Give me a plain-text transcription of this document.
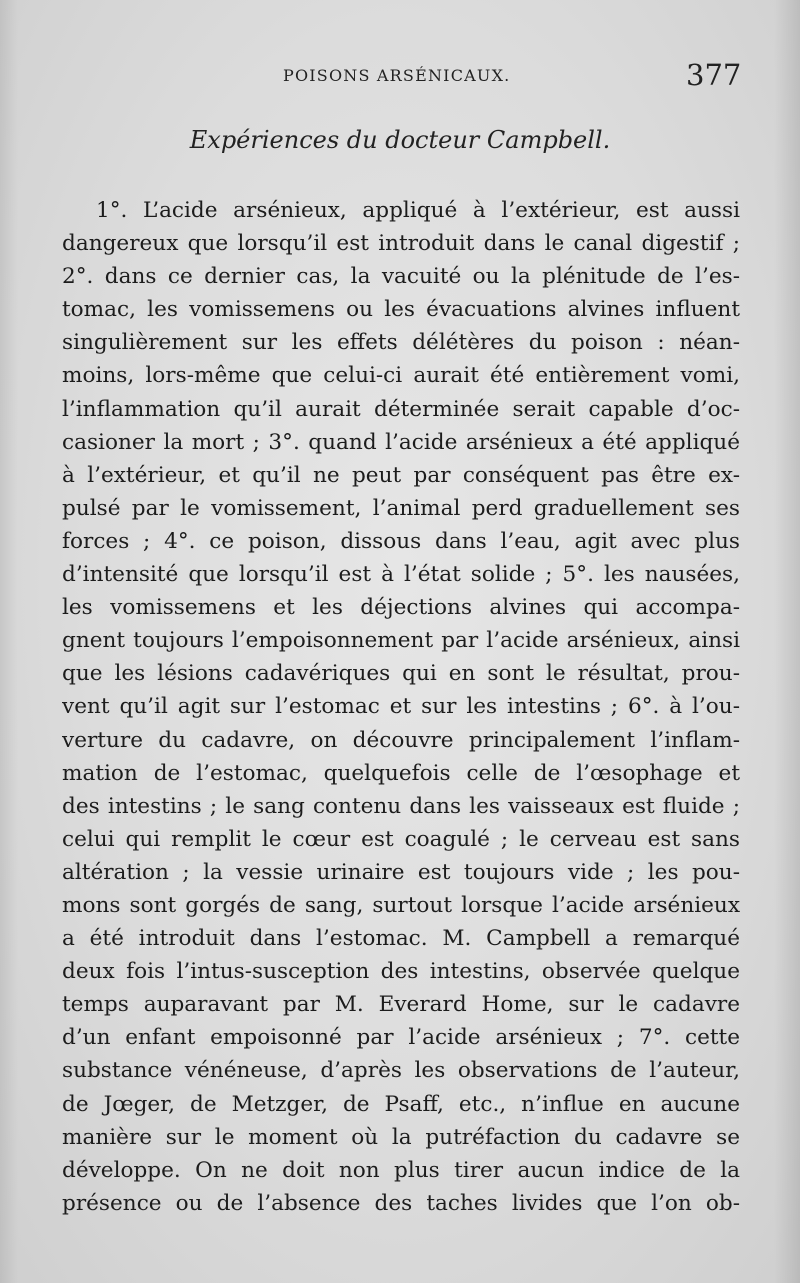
POISONS ARSÉNICAUX.	377
Expériences du docteur Campbell.
1°. L’acide arsénieux, appliqué à l’extérieur, est aussi
dangereux que lorsqu’il est introduit dans le canal digestif ;
2°. dans ce dernier cas, la vacuité ou la plénitude de l’es-
tomac, les vomissemens ou les évacuations alvines influent
singulièrement sur les effets délétères du poison : néan-
moins, lors-même que celui-ci aurait été entièrement vomi,
l’inflammation qu’il aurait déterminée serait capable d’oc-
casioner la mort ; 3°. quand l’acide arsénieux a été appliqué
à l’extérieur, et qu’il ne peut par conséquent pas être ex-
pulsé par le vomissement, l’animal perd graduellement ses
forces ; 4°. ce poison, dissous dans l’eau, agit avec plus
d’intensité que lorsqu’il est à l’état solide ; 5°. les nausées,
les vomissemens et les déjections alvines qui accompa-
gnent toujours l’empoisonnement par l’acide arsénieux, ainsi
que les lésions cadavériques qui en sont le résultat, prou-
vent qu’il agit sur l’estomac et sur les intestins ; 6°. à l’ou-
verture du cadavre, on découvre principalement l’inflam-
mation de l’estomac, quelquefois celle de l’œsophage et
des intestins ; le sang contenu dans les vaisseaux est fluide ;
celui qui remplit le cœur est coagulé ; le cerveau est sans
altération ; la vessie urinaire est toujours vide ; les pou-
mons sont gorgés de sang, surtout lorsque l’acide arsénieux
a été introduit dans l’estomac. M. Campbell a remarqué
deux fois l’intus-susception des intestins, observée quelque
temps auparavant par M. Everard Home, sur le cadavre
d’un enfant empoisonné par l’acide arsénieux ; 7°. cette
substance vénéneuse, d’après les observations de l’auteur,
de Jœger, de Metzger, de Psaff, etc., n’influe en aucune
manière sur le moment où la putréfaction du cadavre se
développe. On ne doit non plus tirer aucun indice de la
présence ou de l’absence des taches livides que l’on ob-
